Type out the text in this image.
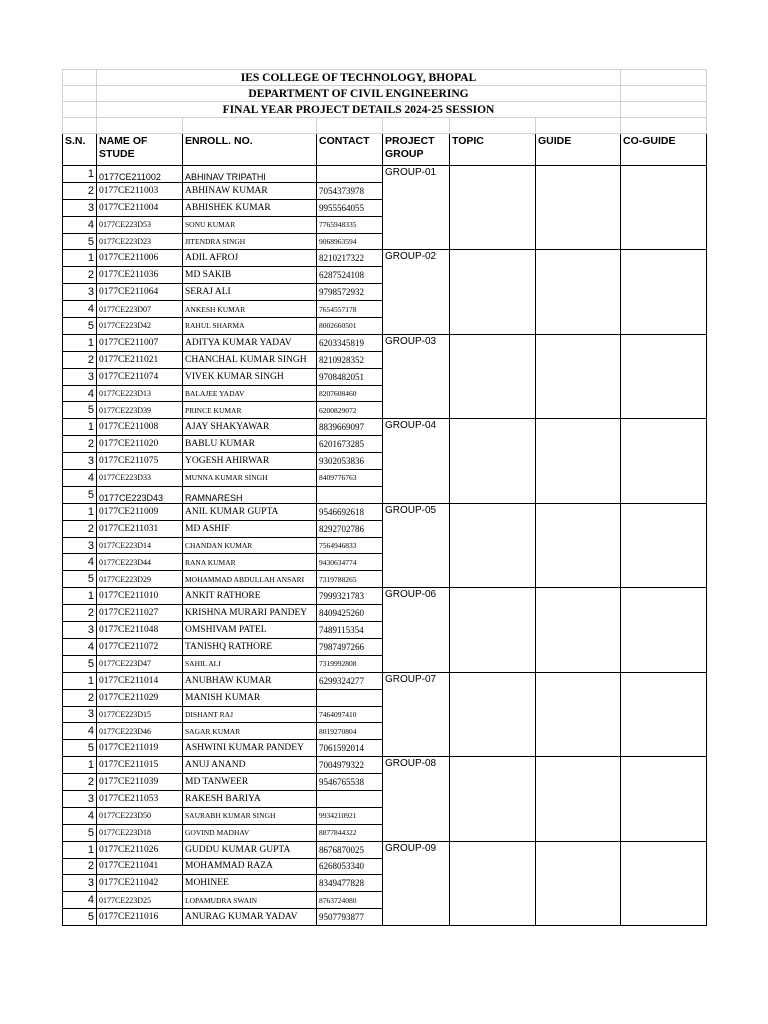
	IES COLLEGE OF TECHNOLOGY, BHOPAL						
	DEPARTMENT OF CIVIL ENGINEERING						
	FINAL YEAR PROJECT DETAILS 2024-25 SESSION						

S.N.	NAME OF STUDE	ENROLL. NO.	CONTACT	PROJECT GROUP	TOPIC	GUIDE	CO-GUIDE
1	0177CE211002	ABHINAV TRIPATHI		GROUP-01			
2	0177CE211003	ABHINAW KUMAR	7054373978				
3	0177CE211004	ABHISHEK KUMAR	9955564055				
4	0177CE223D53	SONU KUMAR	7765948335				
5	0177CE223D23	JITENDRA SINGH	9068963594				
1	0177CE211006	ADIL AFROJ	8210217322	GROUP-02			
2	0177CE211036	MD SAKIB	6287524108				
3	0177CE211064	SERAJ ALI	9798572932				
4	0177CE223D07	ANKESH KUMAR	7654557178				
5	0177CE223D42	RAHUL SHARMA	8002660501				
1	0177CE211007	ADITYA KUMAR YADAV	6203345819	GROUP-03			
2	0177CE211021	CHANCHAL KUMAR SINGH	8210928352				
3	0177CE211074	VIVEK KUMAR SINGH	9708482051				
4	0177CE223D13	BALAJEE YADAV	8207608460				
5	0177CE223D39	PRINCE KUMAR	6200829072				
1	0177CE211008	AJAY SHAKYAWAR	8839669097	GROUP-04			
2	0177CE211020	BABLU KUMAR	6201673285				
3	0177CE211075	YOGESH AHIRWAR	9302053836				
4	0177CE223D33	MUNNA KUMAR SINGH	8409776763				
5	0177CE223D43	RAMNARESH					
1	0177CE211009	ANIL KUMAR GUPTA	9546692618	GROUP-05			
2	0177CE211031	MD ASHIF	8292702786				
3	0177CE223D14	CHANDAN KUMAR	7564946833				
4	0177CE223D44	RANA KUMAR	9430634774				
5	0177CE223D29	MOHAMMAD ABDULLAH ANSARI	7319788265				
1	0177CE211010	ANKIT RATHORE	7999321783	GROUP-06			
2	0177CE211027	KRISHNA MURARI PANDEY	8409425260				
3	0177CE211048	OMSHIVAM PATEL	7489115354				
4	0177CE211072	TANISHQ RATHORE	7987497266				
5	0177CE223D47	SAHIL ALI	7319992808				
1	0177CE211014	ANUBHAW KUMAR	6299324277	GROUP-07			
2	0177CE211029	MANISH KUMAR					
3	0177CE223D15	DISHANT RAJ	7464097410				
4	0177CE223D46	SAGAR KUMAR	8019270804				
5	0177CE211019	ASHWINI KUMAR PANDEY	7061592014				
1	0177CE211015	ANUJ ANAND	7004979322	GROUP-08			
2	0177CE211039	MD TANWEER	9546765538				
3	0177CE211053	RAKESH BARIYA					
4	0177CE223D50	SAURABH KUMAR SINGH	9934210921				
5	0177CE223D18	GOVIND MADHAV	8877844322				
1	0177CE211026	GUDDU KUMAR GUPTA	8676870025	GROUP-09			
2	0177CE211041	MOHAMMAD RAZA	6268053340				
3	0177CE211042	MOHINEE	8349477828				
4	0177CE223D25	LOPAMUDRA SWAIN	8763724080				
5	0177CE211016	ANURAG KUMAR YADAV	9507793877				
